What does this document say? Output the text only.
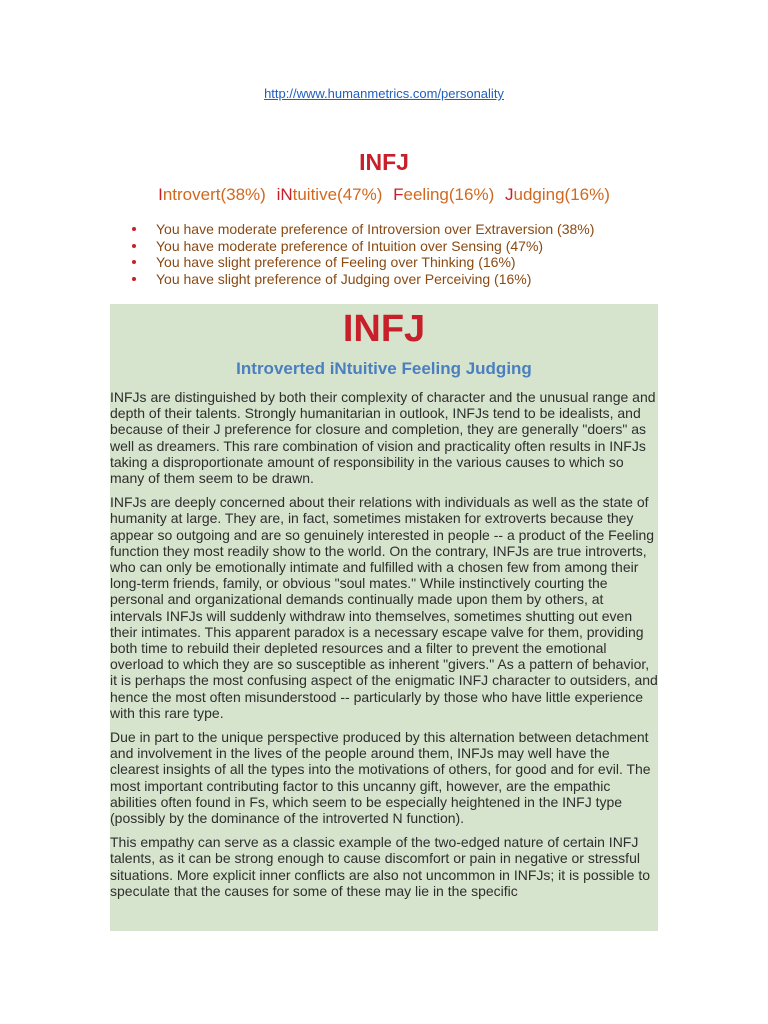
http://www.humanmetrics.com/personality
INFJ
Introvert(38%) iNtuitive(47%) Feeling(16%) Judging(16%)
You have moderate preference of Introversion over Extraversion (38%)
You have moderate preference of Intuition over Sensing (47%)
You have slight preference of Feeling over Thinking (16%)
You have slight preference of Judging over Perceiving (16%)
INFJ
Introverted iNtuitive Feeling Judging

INFJs are distinguished by both their complexity of character and the unusual range and depth of their talents. Strongly humanitarian in outlook, INFJs tend to be idealists, and because of their J preference for closure and completion, they are generally "doers" as well as dreamers. This rare combination of vision and practicality often results in INFJs taking a disproportionate amount of responsibility in the various causes to which so many of them seem to be drawn.

INFJs are deeply concerned about their relations with individuals as well as the state of humanity at large. They are, in fact, sometimes mistaken for extroverts because they appear so outgoing and are so genuinely interested in people -- a product of the Feeling function they most readily show to the world. On the contrary, INFJs are true introverts, who can only be emotionally intimate and fulfilled with a chosen few from among their long-term friends, family, or obvious "soul mates." While instinctively courting the personal and organizational demands continually made upon them by others, at intervals INFJs will suddenly withdraw into themselves, sometimes shutting out even their intimates. This apparent paradox is a necessary escape valve for them, providing both time to rebuild their depleted resources and a filter to prevent the emotional overload to which they are so susceptible as inherent "givers." As a pattern of behavior, it is perhaps the most confusing aspect of the enigmatic INFJ character to outsiders, and hence the most often misunderstood -- particularly by those who have little experience with this rare type.

Due in part to the unique perspective produced by this alternation between detachment and involvement in the lives of the people around them, INFJs may well have the clearest insights of all the types into the motivations of others, for good and for evil. The most important contributing factor to this uncanny gift, however, are the empathic abilities often found in Fs, which seem to be especially heightened in the INFJ type (possibly by the dominance of the introverted N function).

This empathy can serve as a classic example of the two-edged nature of certain INFJ talents, as it can be strong enough to cause discomfort or pain in negative or stressful situations. More explicit inner conflicts are also not uncommon in INFJs; it is possible to speculate that the causes for some of these may lie in the specific
